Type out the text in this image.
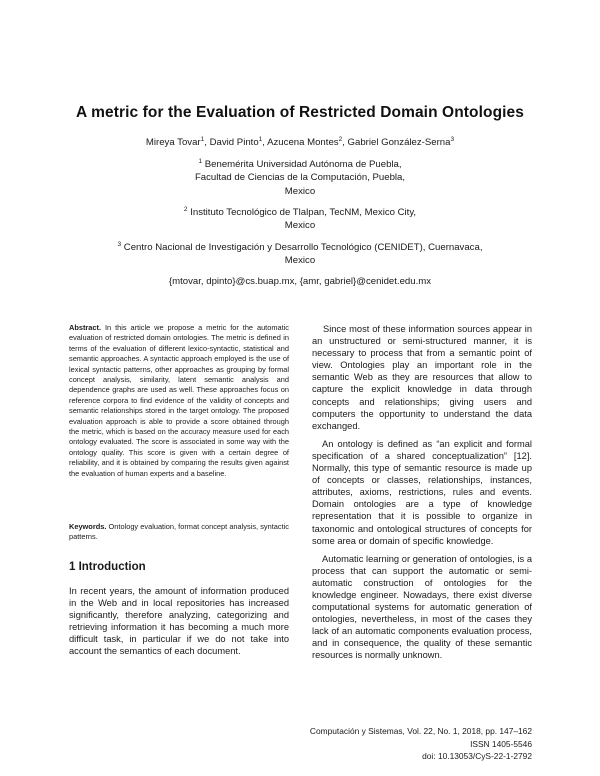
A metric for the Evaluation of Restricted Domain Ontologies
Mireya Tovar$^1$, David Pinto$^1$, Azucena Montes$^2$, Gabriel González-Serna$^3$
$^1$ Benemérita Universidad Autónoma de Puebla,
Facultad de Ciencias de la Computación, Puebla,
Mexico
$^2$ Instituto Tecnológico de Tlalpan, TecNM, Mexico City,
Mexico
$^3$ Centro Nacional de Investigación y Desarrollo Tecnológico (CENIDET), Cuernavaca,
Mexico
{mtovar, dpinto}@cs.buap.mx, {amr, gabriel}@cenidet.edu.mx

Abstract. In this article we propose a metric for the automatic evaluation of restricted domain ontologies. The metric is defined in terms of the evaluation of different lexico-syntactic, statistical and semantic approaches. A syntactic approach employed is the use of lexical syntactic patterns, other approaches as grouping by formal concept analysis, similarity, latent semantic analysis and dependence graphs are used as well. These approaches focus on reference corpora to find evidence of the validity of concepts and semantic relationships stored in the target ontology. The proposed evaluation approach is able to provide a score obtained through the metric, which is based on the accuracy measure used for each ontology evaluated. The score is associated in some way with the ontology quality. This score is given with a certain degree of reliability, and it is obtained by comparing the results given against the evaluation of human experts and a baseline.

Keywords. Ontology evaluation, format concept analysis, syntactic patterns.

1 Introduction

In recent years, the amount of information produced in the Web and in local repositories has increased significantly, therefore analyzing, categorizing and retrieving information it has becoming a much more difficult task, in particular if we do not take into account the semantics of each document.

Since most of these information sources appear in an unstructured or semi-structured manner, it is necessary to process that from a semantic point of view. Ontologies play an important role in the semantic Web as they are resources that allow to capture the explicit knowledge in data through concepts and relationships; giving users and computers the opportunity to understand the data exchanged.

An ontology is defined as “an explicit and formal specification of a shared conceptualization” [12]. Normally, this type of semantic resource is made up of concepts or classes, relationships, instances, attributes, axioms, restrictions, rules and events. Domain ontologies are a type of knowledge representation that it is possible to organize in taxonomic and ontological structures of concepts for some area or domain of specific knowledge.

Automatic learning or generation of ontologies, is a process that can support the automatic or semi-automatic construction of ontologies for the knowledge engineer. Nowadays, there exist diverse computational systems for automatic generation of ontologies, nevertheless, in most of the cases they lack of an automatic components evaluation process, and in consequence, the quality of these semantic resources is normally unknown.

Computación y Sistemas, Vol. 22, No. 1, 2018, pp. 147–162
ISSN 1405-5546
doi: 10.13053/CyS-22-1-2792
